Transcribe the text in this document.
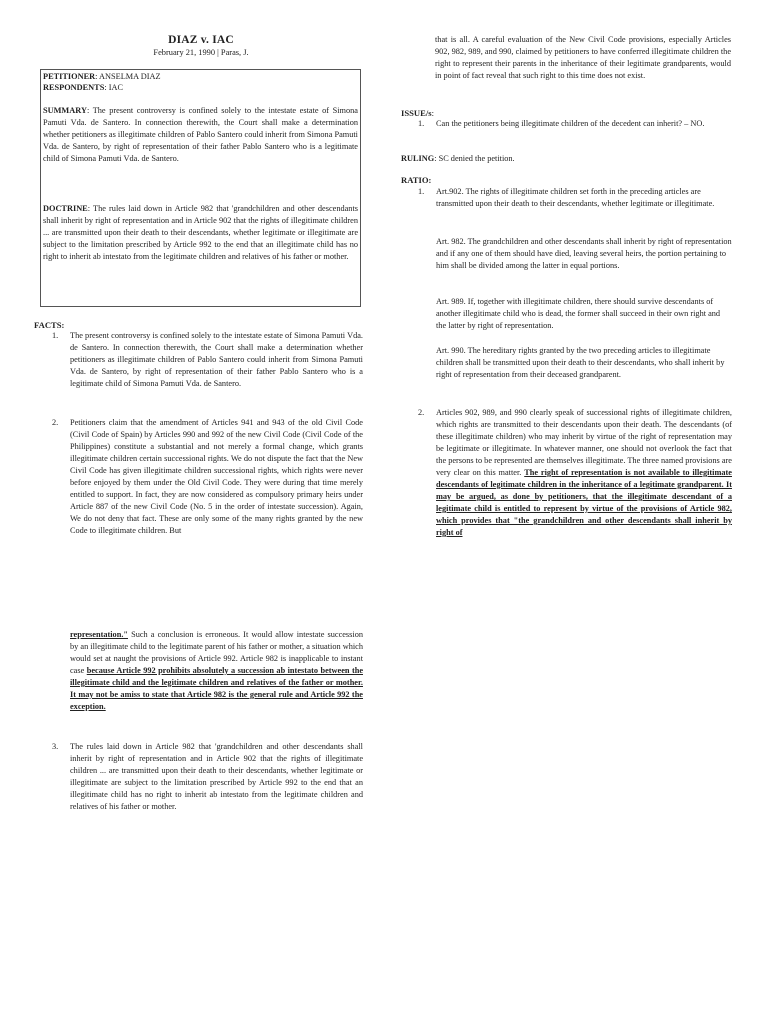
DIAZ v. IAC
February 21, 1990 | Paras, J.

PETITIONER: ANSELMA DIAZ

RESPONDENTS: IAC

SUMMARY: The present controversy is confined solely to the intestate estate of Simona Pamuti Vda. de Santero. In connection therewith, the Court shall make a determination whether petitioners as illegitimate children of Pablo Santero could inherit from Simona Pamuti Vda. de Santero, by right of representation of their father Pablo Santero who is a legitimate child of Simona Pamuti Vda. de Santero.

DOCTRINE: The rules laid down in Article 982 that 'grandchildren and other descendants shall inherit by right of representation and in Article 902 that the rights of illegitimate children ... are transmitted upon their death to their descendants, whether legitimate or illegitimate are subject to the limitation prescribed by Article 992 to the end that an illegitimate child has no right to inherit ab intestato from the legitimate children and relatives of his father or mother.

FACTS:
1. The present controversy is confined solely to the intestate estate of Simona Pamuti Vda. de Santero. In connection therewith, the Court shall make a determination whether petitioners as illegitimate children of Pablo Santero could inherit from Simona Pamuti Vda. de Santero, by right of representation of their father Pablo Santero who is a legitimate child of Simona Pamuti Vda. de Santero.

2. Petitioners claim that the amendment of Articles 941 and 943 of the old Civil Code (Civil Code of Spain) by Articles 990 and 992 of the new Civil Code (Civil Code of the Philippines) constitute a substantial and not merely a formal change, which grants illegitimate children certain successional rights. We do not dispute the fact that the New Civil Code has given illegitimate children successional rights, which rights were never before enjoyed by them under the Old Civil Code. They were during that time merely entitled to support. In fact, they are now considered as compulsory primary heirs under Article 887 of the new Civil Code (No. 5 in the order of intestate succession). Again, We do not deny that fact. These are only some of the many rights granted by the new Code to illegitimate children. But

representation." Such a conclusion is erroneous. It would allow intestate succession by an illegitimate child to the legitimate parent of his father or mother, a situation which would set at naught the provisions of Article 992. Article 982 is inapplicable to instant case because Article 992 prohibits absolutely a succession ab intestato between the illegitimate child and the legitimate children and relatives of the father or mother. It may not be amiss to state that Article 982 is the general rule and Article 992 the exception.

3. The rules laid down in Article 982 that 'grandchildren and other descendants shall inherit by right of representation and in Article 902 that the rights of illegitimate children ... are transmitted upon their death to their descendants, whether legitimate or illegitimate are subject to the limitation prescribed by Article 992 to the end that an illegitimate child has no right to inherit ab intestato from the legitimate children and relatives of his father or mother.

that is all. A careful evaluation of the New Civil Code provisions, especially Articles 902, 982, 989, and 990, claimed by petitioners to have conferred illegitimate children the right to represent their parents in the inheritance of their legitimate grandparents, would in point of fact reveal that such right to this time does not exist.

ISSUE/s:
1. Can the petitioners being illegitimate children of the decedent can inherit? – NO.

RULING: SC denied the petition.

RATIO:
1. Art.902. The rights of illegitimate children set forth in the preceding articles are transmitted upon their death to their descendants, whether legitimate or illegitimate.

Art. 982. The grandchildren and other descendants shall inherit by right of representation and if any one of them should have died, leaving several heirs, the portion pertaining to him shall be divided among the latter in equal portions.

Art. 989. If, together with illegitimate children, there should survive descendants of another illegitimate child who is dead, the former shall succeed in their own right and the latter by right of representation.

Art. 990. The hereditary rights granted by the two preceding articles to illegitimate children shall be transmitted upon their death to their descendants, who shall inherit by right of representation from their deceased grandparent.

2. Articles 902, 989, and 990 clearly speak of successional rights of illegitimate children, which rights are transmitted to their descendants upon their death. The descendants (of these illegitimate children) who may inherit by virtue of the right of representation may be legitimate or illegitimate. In whatever manner, one should not overlook the fact that the persons to be represented are themselves illegitimate. The three named provisions are very clear on this matter. The right of representation is not available to illegitimate descendants of legitimate children in the inheritance of a legitimate grandparent. It may be argued, as done by petitioners, that the illegitimate descendant of a legitimate child is entitled to represent by virtue of the provisions of Article 982, which provides that "the grandchildren and other descendants shall inherit by right of
